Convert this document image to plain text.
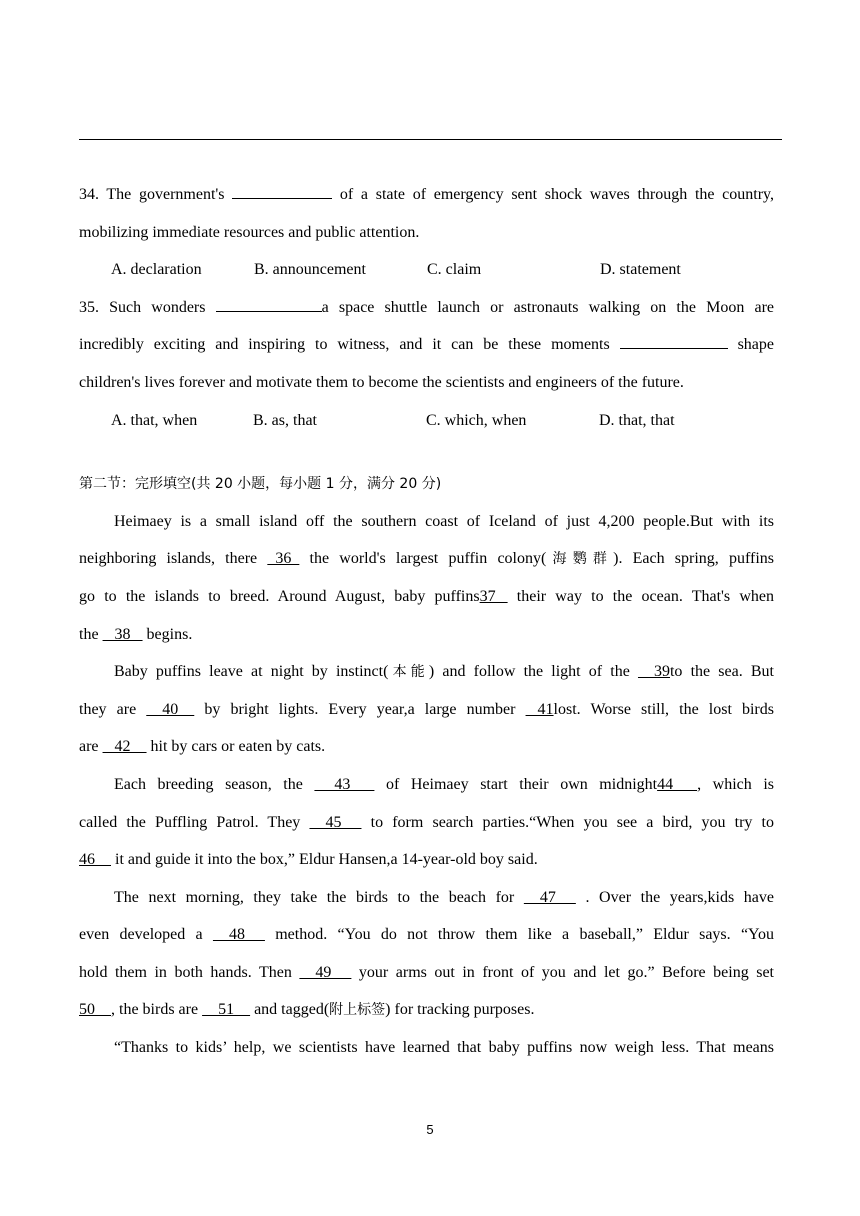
34. The government's	of a state of emergency sent shock waves through the country,
mobilizing immediate resources and public attention.
A. declaration	B. announcement	C. claim	D. statement
35. Such wonders	a space shuttle launch or astronauts walking on the Moon are
incredibly exciting and inspiring to witness, and it can be these moments	shape
children's lives forever and motivate them to become the scientists and engineers of the future.
A. that, when	B. as, that	C. which, when	D. that, that
第二节：完形填空(共 20 小题，每小题 1 分，满分 20 分)
Heimaey is a small island off the southern coast of Iceland of just 4,200 people.But with its
neighboring islands, there   36   the world's largest puffin colony(海鹦群). Each spring, puffins
go to the islands to breed. Around August, baby puffins37    their way to the ocean. That's when
the    38    begins.
Baby puffins leave at night by instinct(本能) and follow the light of the     39to the sea. But
they are     40     by bright lights. Every year,a large number    41lost. Worse still, the lost birds
are    42     hit by cars or eaten by cats.
Each breeding season, the      43       of Heimaey start their own midnight44      , which is
called the Puffling Patrol. They     45      to form search parties.“When you see a bird, you try to
46     it and guide it into the box,” Eldur Hansen,a 14-year-old boy said.
The next morning, they take the birds to the beach for     47      . Over the years,kids have
even developed a     48      method. “You do not throw them like a baseball,” Eldur says. “You
hold them in both hands. Then     49      your arms out in front of you and let go.” Before being set
50    , the birds are     51     and tagged(附上标签) for tracking purposes.
“Thanks to kids’ help, we scientists have learned that baby puffins now weigh less. That means
5
